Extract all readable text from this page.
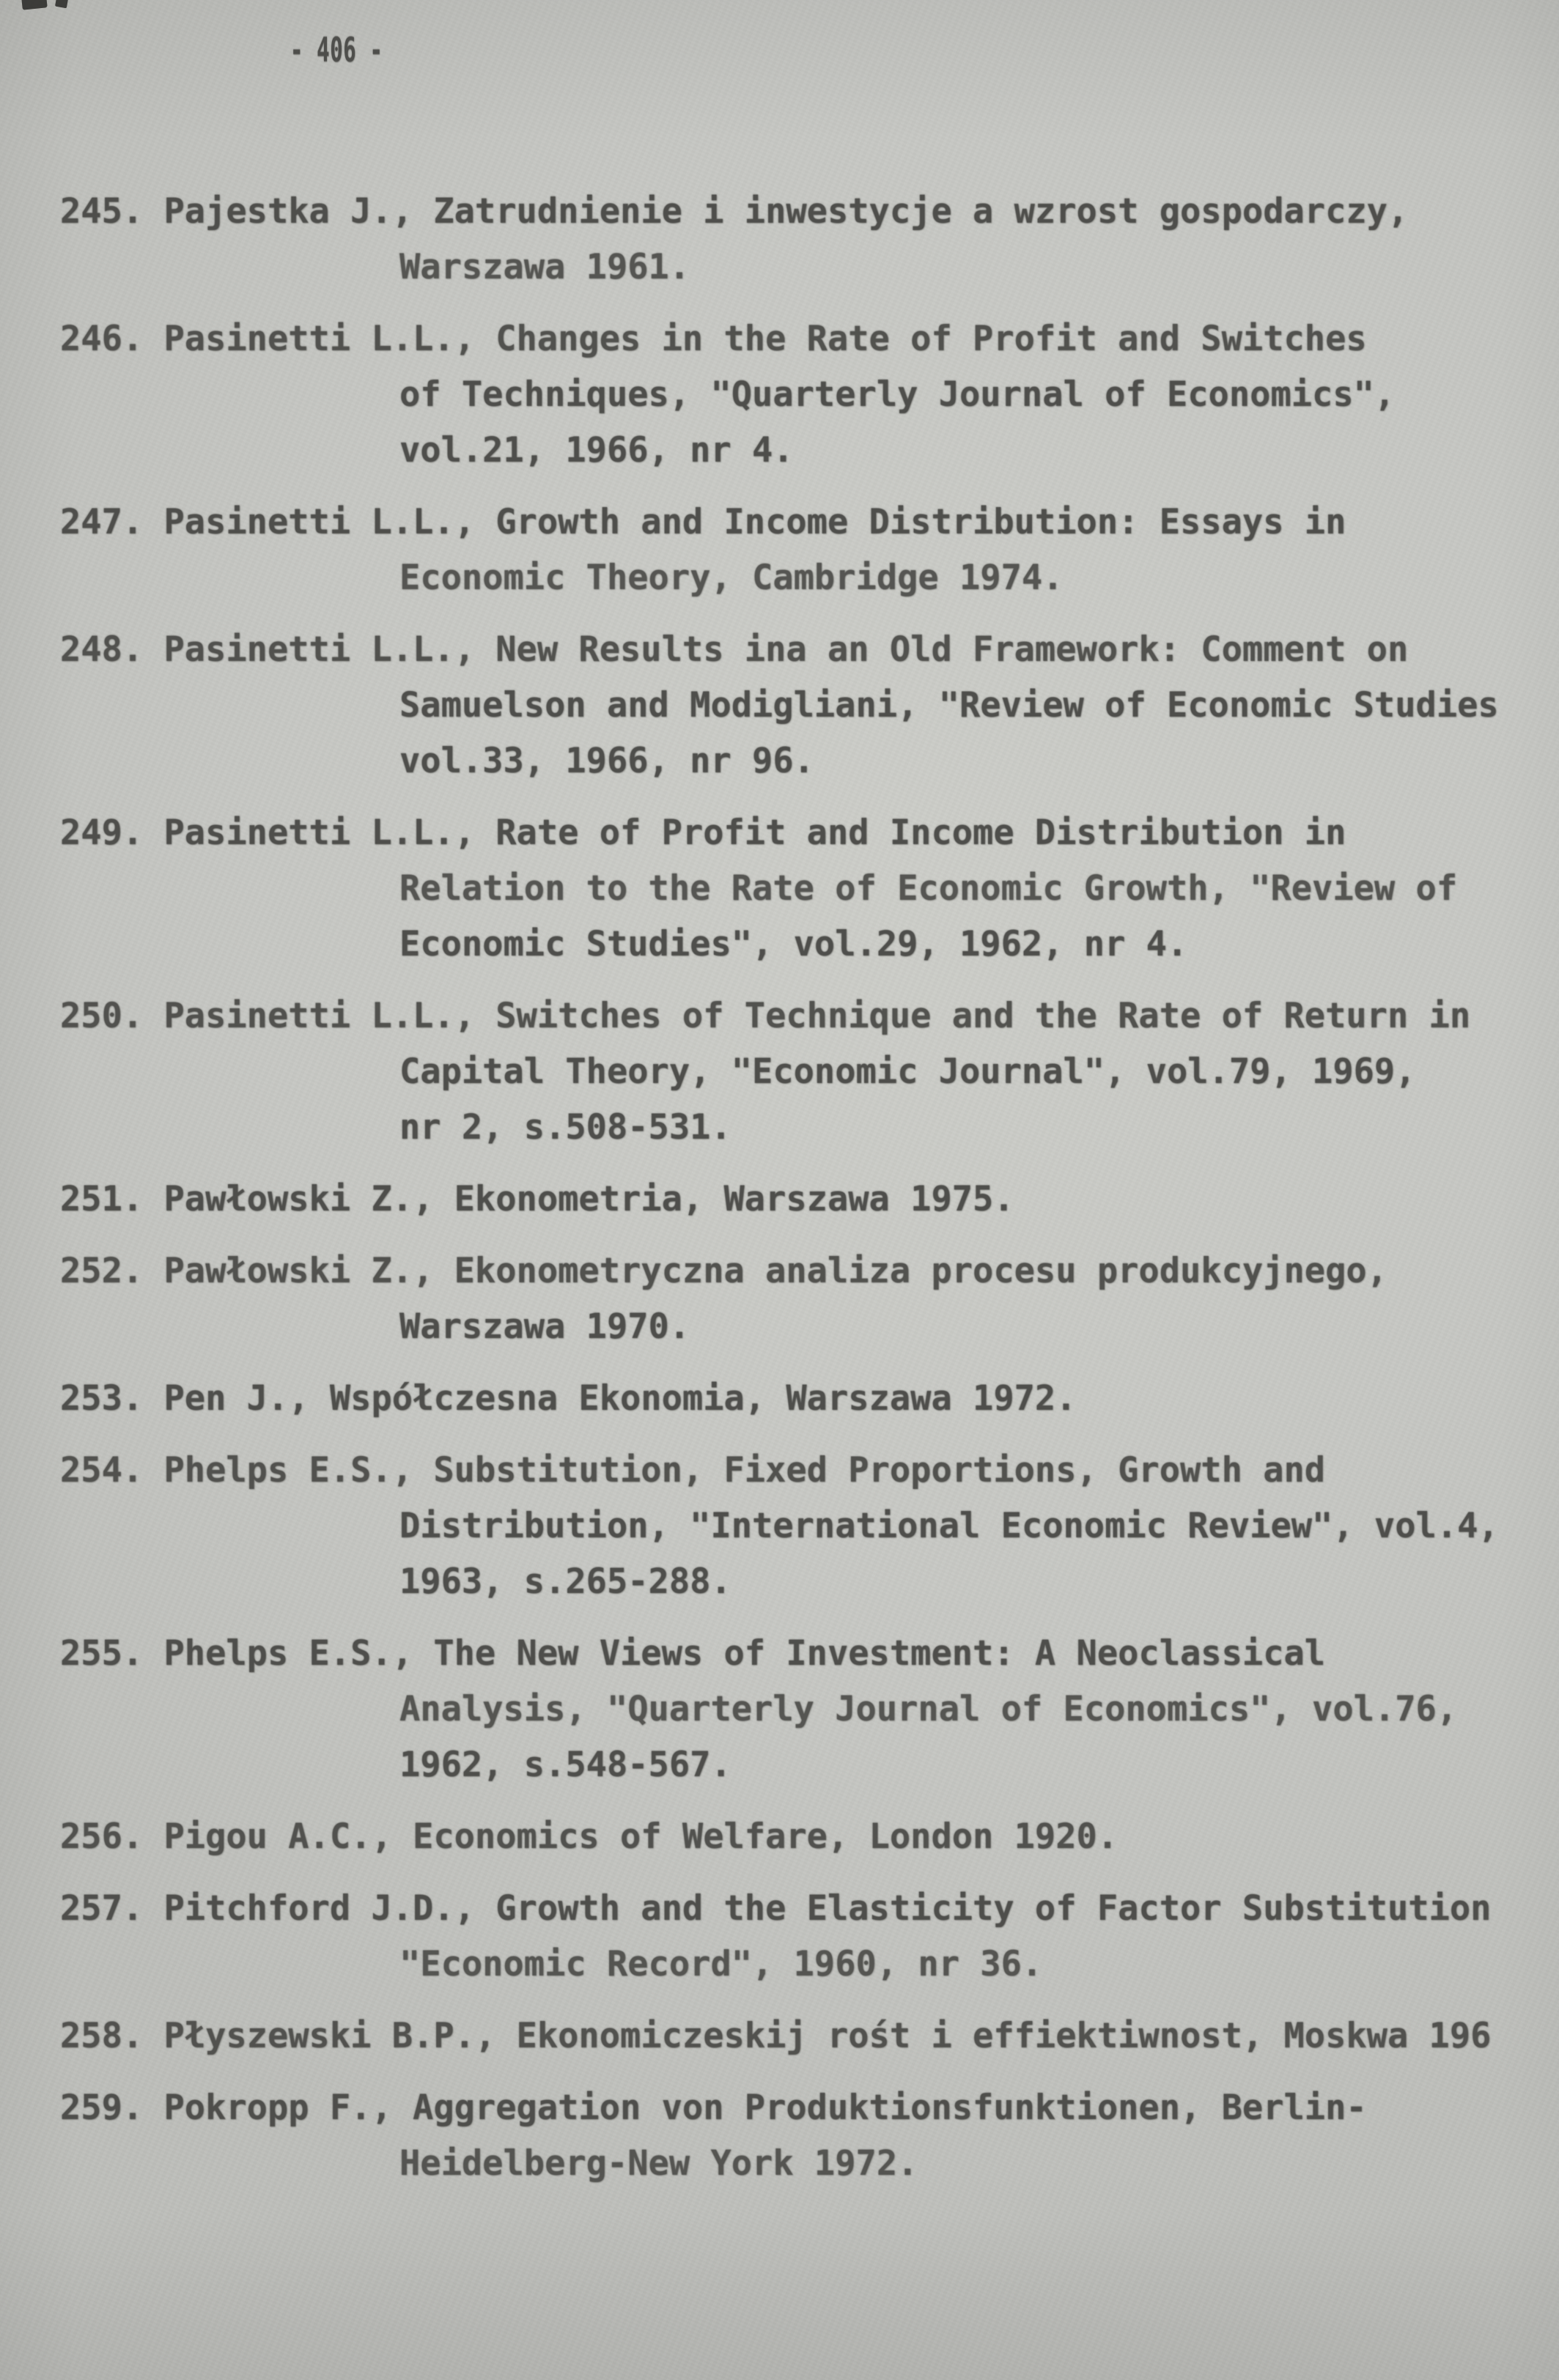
- 406 -
245. Pajestka J., Zatrudnienie i inwestycje a wzrost gospodarczy,
Warszawa 1961.
246. Pasinetti L.L., Changes in the Rate of Profit and Switches
of Techniques, "Quarterly Journal of Economics",
vol.21, 1966, nr 4.
247. Pasinetti L.L., Growth and Income Distribution: Essays in
Economic Theory, Cambridge 1974.
248. Pasinetti L.L., New Results ina an Old Framework: Comment on
Samuelson and Modigliani, "Review of Economic Studies
vol.33, 1966, nr 96.
249. Pasinetti L.L., Rate of Profit and Income Distribution in
Relation to the Rate of Economic Growth, "Review of
Economic Studies", vol.29, 1962, nr 4.
250. Pasinetti L.L., Switches of Technique and the Rate of Return in
Capital Theory, "Economic Journal", vol.79, 1969,
nr 2, s.508-531.
251. Pawłowski Z., Ekonometria, Warszawa 1975.
252. Pawłowski Z., Ekonometryczna analiza procesu produkcyjnego,
Warszawa 1970.
253. Pen J., Współczesna Ekonomia, Warszawa 1972.
254. Phelps E.S., Substitution, Fixed Proportions, Growth and
Distribution, "International Economic Review", vol.4,
1963, s.265-288.
255. Phelps E.S., The New Views of Investment: A Neoclassical
Analysis, "Quarterly Journal of Economics", vol.76,
1962, s.548-567.
256. Pigou A.C., Economics of Welfare, London 1920.
257. Pitchford J.D., Growth and the Elasticity of Factor Substitution
"Economic Record", 1960, nr 36.
258. Płyszewski B.P., Ekonomiczeskij rośt i effiektiwnost, Moskwa 196
259. Pokropp F., Aggregation von Produktionsfunktionen, Berlin-
Heidelberg-New York 1972.
